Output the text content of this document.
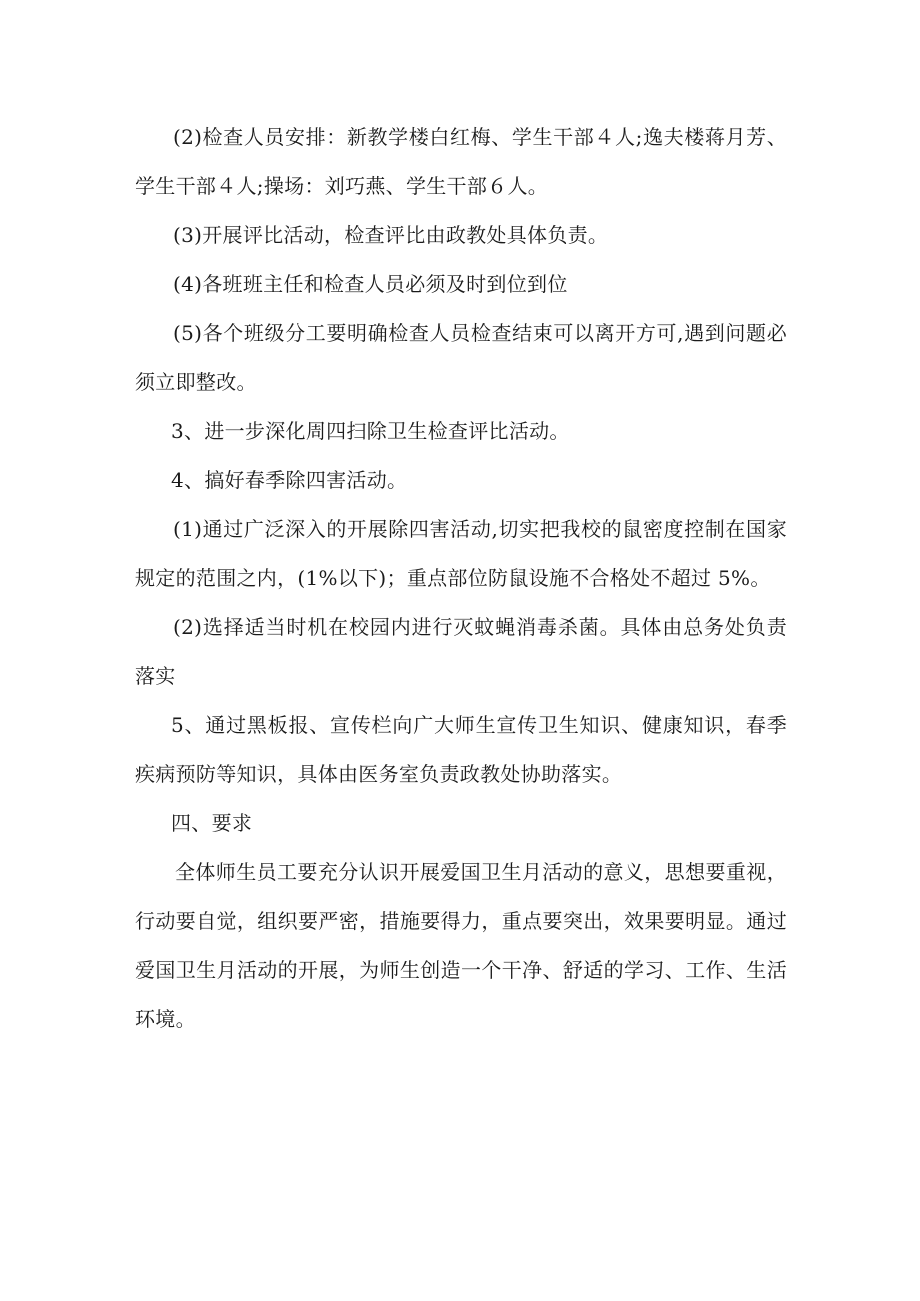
(2)检查人员安排：新教学楼白红梅、学生干部４人;逸夫楼蒋月芳、学生干部４人;操场：刘巧燕、学生干部６人。

(3)开展评比活动，检查评比由政教处具体负责。

(4)各班班主任和检查人员必须及时到位到位

(5)各个班级分工要明确检查人员检查结束可以离开方可,遇到问题必须立即整改。

3、进一步深化周四扫除卫生检查评比活动。

4、搞好春季除四害活动。

(1)通过广泛深入的开展除四害活动,切实把我校的鼠密度控制在国家规定的范围之内，(1%以下)；重点部位防鼠设施不合格处不超过 5%。

(2)选择适当时机在校园内进行灭蚊蝇消毒杀菌。具体由总务处负责落实

5、通过黑板报、宣传栏向广大师生宣传卫生知识、健康知识，春季疾病预防等知识，具体由医务室负责政教处协助落实。

四、要求

全体师生员工要充分认识开展爱国卫生月活动的意义，思想要重视，行动要自觉，组织要严密，措施要得力，重点要突出，效果要明显。通过爱国卫生月活动的开展，为师生创造一个干净、舒适的学习、工作、生活环境。
